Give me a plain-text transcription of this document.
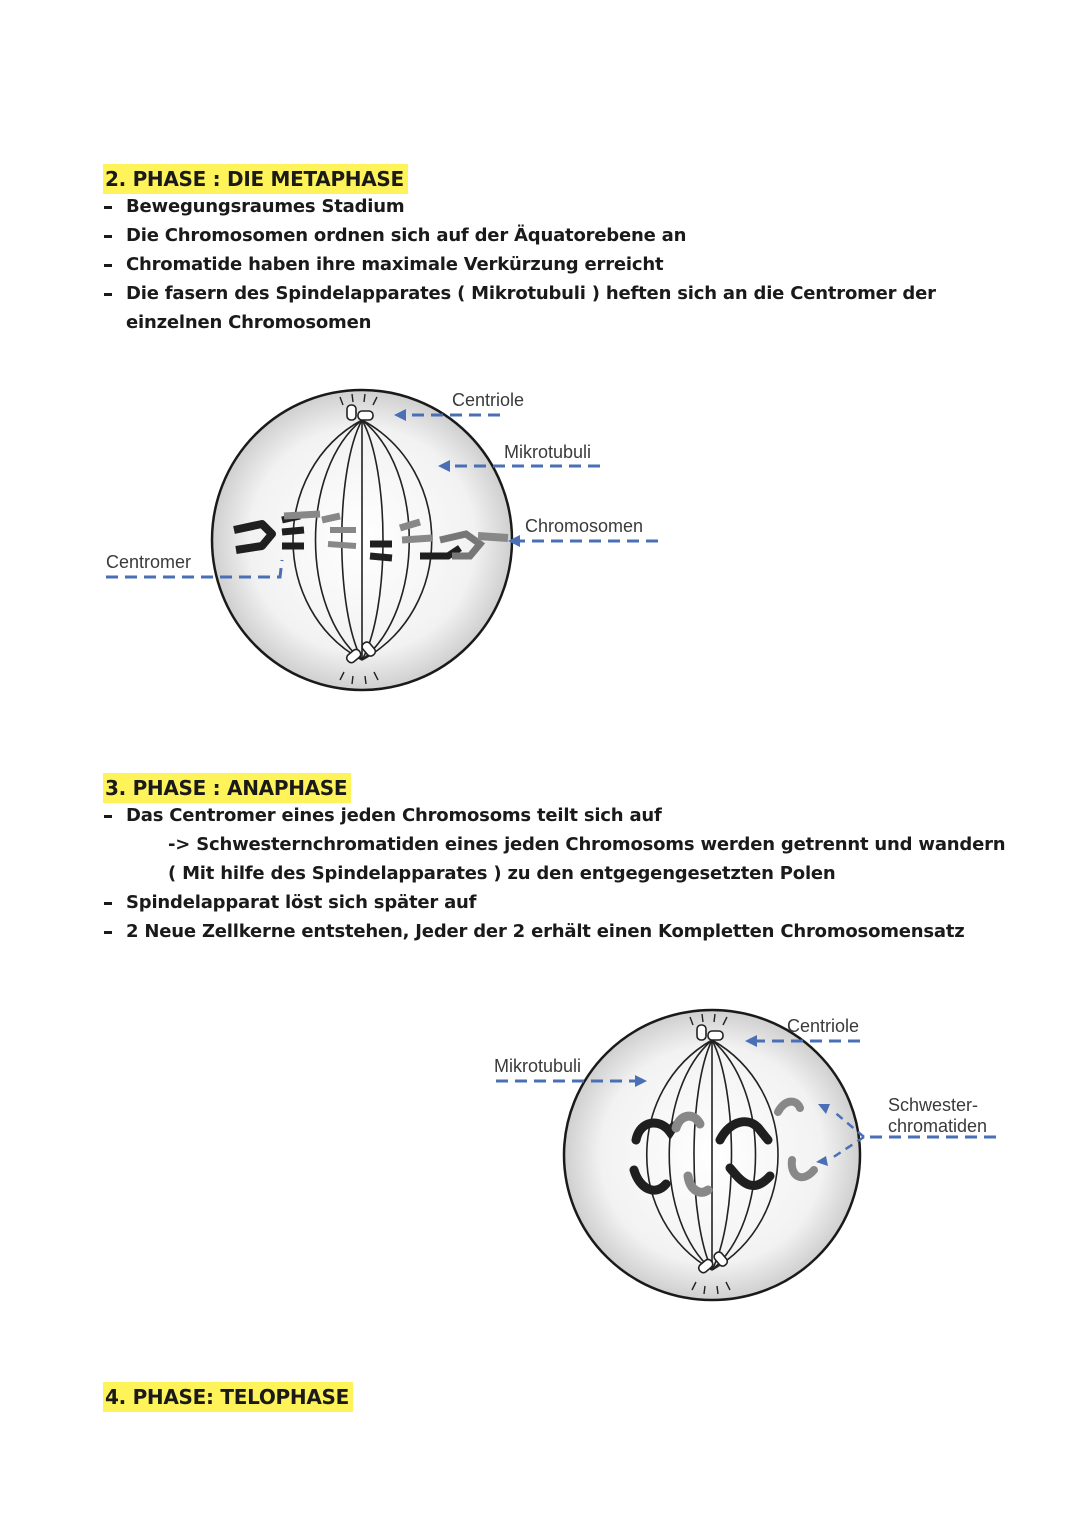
2. PHASE : DIE METAPHASE
Bewegungsraumes Stadium
Die Chromosomen ordnen sich auf der Äquatorebene an
Chromatide haben ihre maximale Verkürzung erreicht
Die fasern des Spindelapparates ( Mikrotubuli ) heften sich an die Centromer der
einzelnen Chromosomen
Centriole
Mikrotubuli
Chromosomen
Centromer
3. PHASE : ANAPHASE
Das Centromer eines jeden Chromosoms teilt sich auf
-> Schwesternchromatiden eines jeden Chromosoms werden getrennt und wandern
( Mit hilfe des Spindelapparates ) zu den entgegengesetzten Polen
Spindelapparat löst sich später auf
2 Neue Zellkerne entstehen, Jeder der 2 erhält einen Kompletten Chromosomensatz
Centriole
Mikrotubuli
Schwester-
chromatiden
4. PHASE: TELOPHASE
